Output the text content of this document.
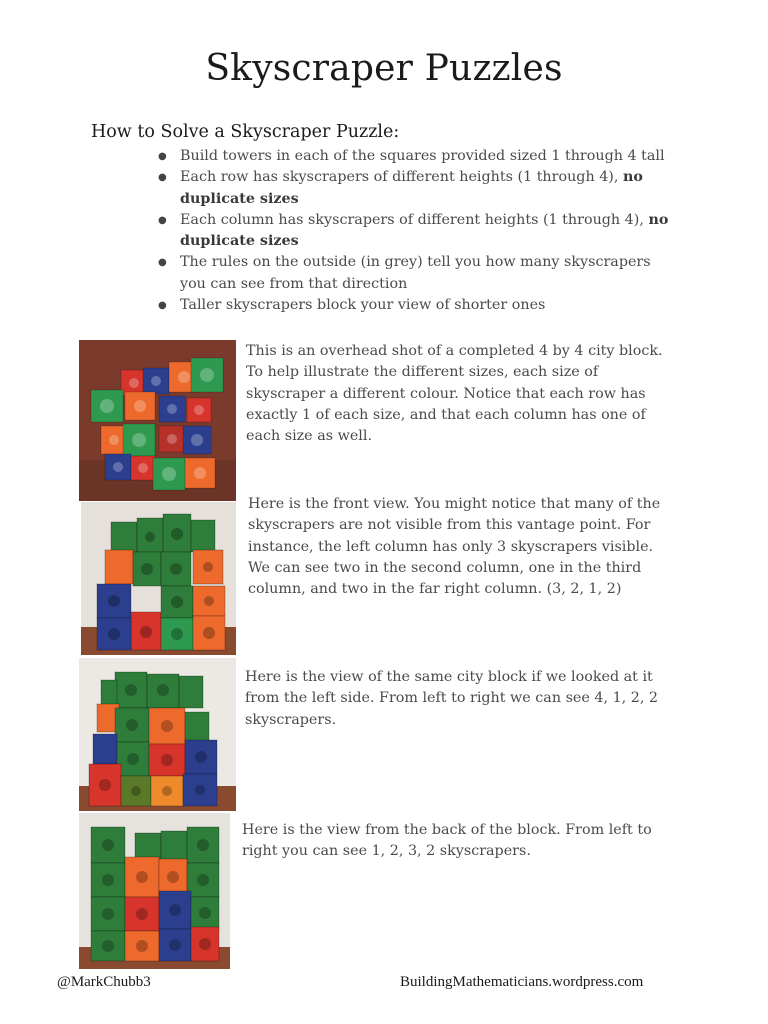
Skyscraper Puzzles
How to Solve a Skyscraper Puzzle:
● Build towers in each of the squares provided sized 1 through 4 tall
● Each row has skyscrapers of different heights (1 through 4), no duplicate sizes
● Each column has skyscrapers of different heights (1 through 4), no duplicate sizes
● The rules on the outside (in grey) tell you how many skyscrapers you can see from that direction
● Taller skyscrapers block your view of shorter ones
This is an overhead shot of a completed 4 by 4 city block. To help illustrate the different sizes, each size of skyscraper a different colour. Notice that each row has exactly 1 of each size, and that each column has one of each size as well.
Here is the front view. You might notice that many of the skyscrapers are not visible from this vantage point. For instance, the left column has only 3 skyscrapers visible. We can see two in the second column, one in the third column, and two in the far right column. (3, 2, 1, 2)
Here is the view of the same city block if we looked at it from the left side. From left to right we can see 4, 1, 2, 2 skyscrapers.
Here is the view from the back of the block. From left to right you can see 1, 2, 3, 2 skyscrapers.
@MarkChubb3	BuildingMathematicians.wordpress.com
